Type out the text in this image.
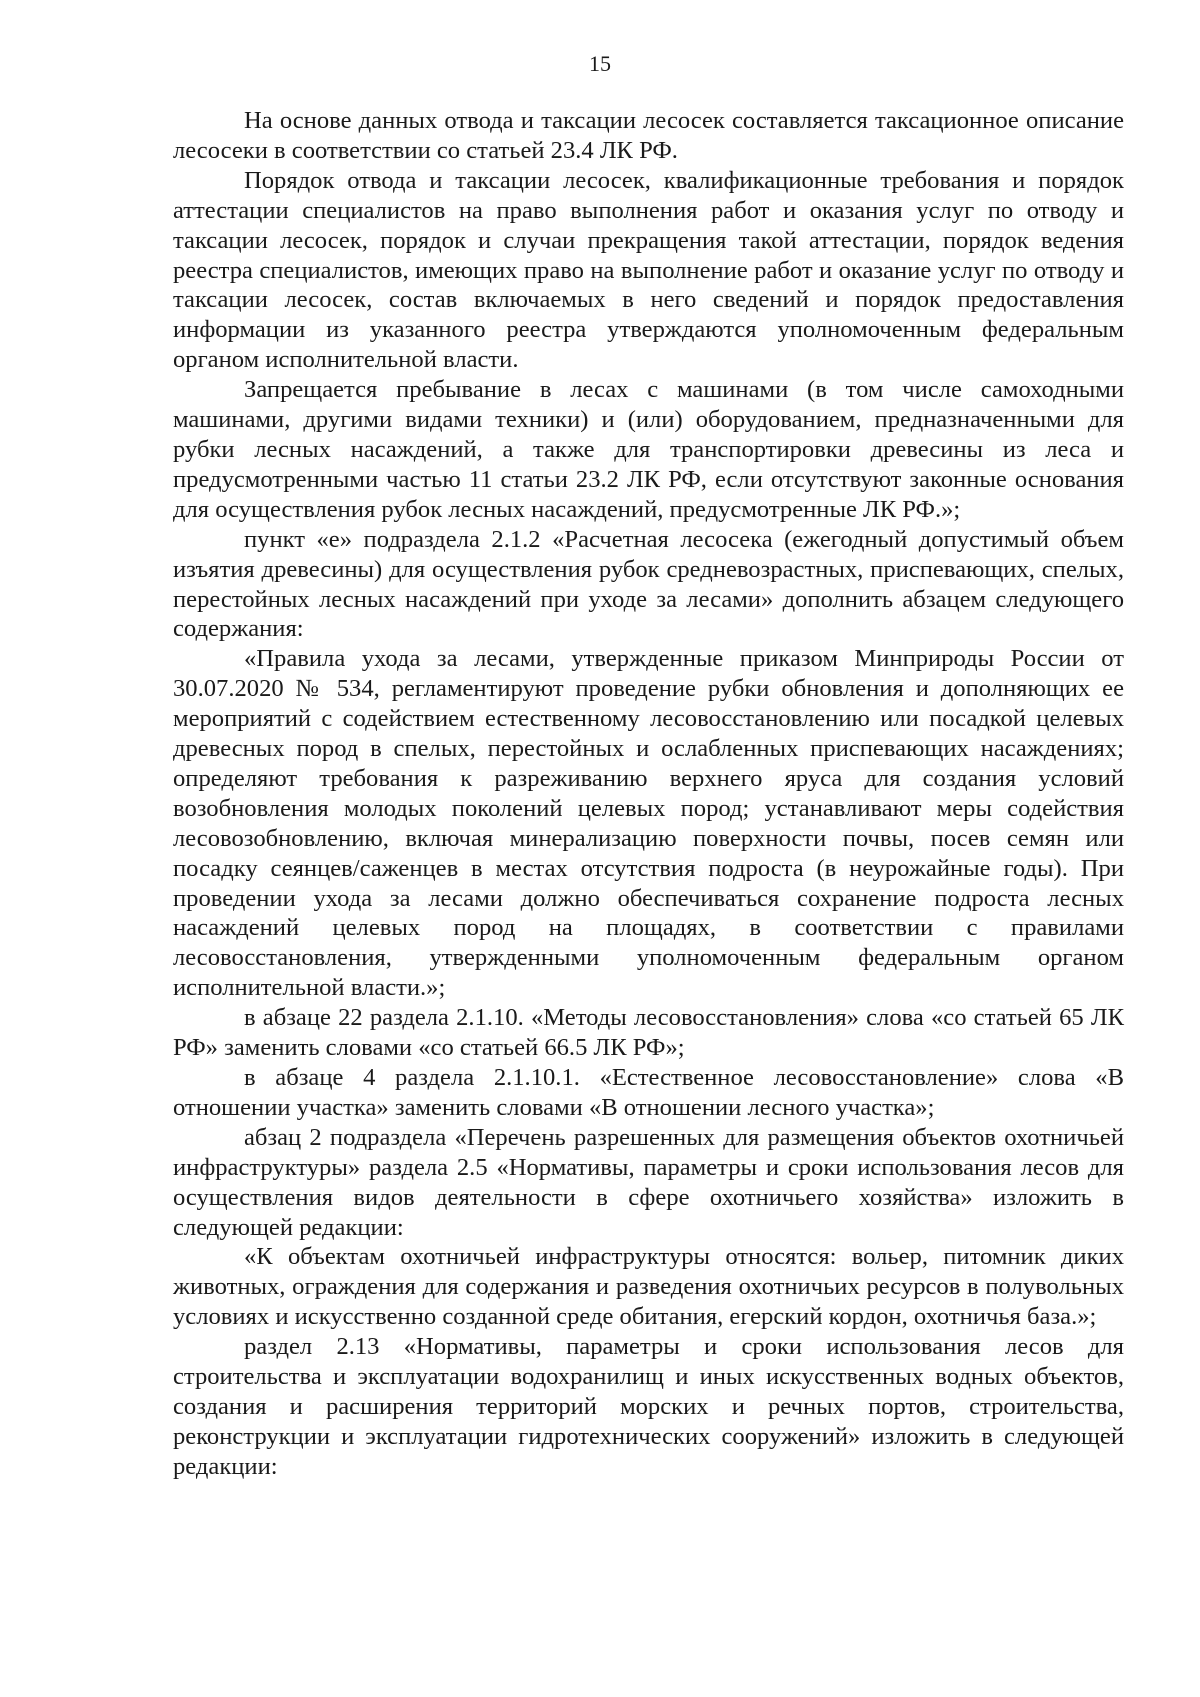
15

На основе данных отвода и таксации лесосек составляется таксационное описание лесосеки в соответствии со статьей 23.4 ЛК РФ.

Порядок отвода и таксации лесосек, квалификационные требования и порядок аттестации специалистов на право выполнения работ и оказания услуг по отводу и таксации лесосек, порядок и случаи прекращения такой аттестации, порядок ведения реестра специалистов, имеющих право на выполнение работ и оказание услуг по отводу и таксации лесосек, состав включаемых в него сведений и порядок предоставления информации из указанного реестра утверждаются уполномоченным федеральным органом исполнительной власти.

Запрещается пребывание в лесах с машинами (в том числе самоходными машинами, другими видами техники) и (или) оборудованием, предназначенными для рубки лесных насаждений, а также для транспортировки древесины из леса и предусмотренными частью 11 статьи 23.2 ЛК РФ, если отсутствуют законные основания для осуществления рубок лесных насаждений, предусмотренные ЛК РФ.»;

пункт «е» подраздела 2.1.2 «Расчетная лесосека (ежегодный допустимый объем изъятия древесины) для осуществления рубок средневозрастных, приспевающих, спелых, перестойных лесных насаждений при уходе за лесами» дополнить абзацем следующего содержания:

«Правила ухода за лесами, утвержденные приказом Минприроды России от 30.07.2020 № 534, регламентируют проведение рубки обновления и дополняющих ее мероприятий с содействием естественному лесовосстановлению или посадкой целевых древесных пород в спелых, перестойных и ослабленных приспевающих насаждениях; определяют требования к разреживанию верхнего яруса для создания условий возобновления молодых поколений целевых пород; устанавливают меры содействия лесовозобновлению, включая минерализацию поверхности почвы, посев семян или посадку сеянцев/саженцев в местах отсутствия подроста (в неурожайные годы). При проведении ухода за лесами должно обеспечиваться сохранение подроста лесных насаждений целевых пород на площадях, в соответствии с правилами лесовосстановления, утвержденными уполномоченным федеральным органом исполнительной власти.»;

в абзаце 22 раздела 2.1.10. «Методы лесовосстановления» слова «со статьей 65 ЛК РФ» заменить словами «со статьей 66.5 ЛК РФ»;

в абзаце 4 раздела 2.1.10.1. «Естественное лесовосстановление» слова «В отношении участка» заменить словами «В отношении лесного участка»;

абзац 2 подраздела «Перечень разрешенных для размещения объектов охотничьей инфраструктуры» раздела 2.5 «Нормативы, параметры и сроки использования лесов для осуществления видов деятельности в сфере охотничьего хозяйства» изложить в следующей редакции:

«К объектам охотничьей инфраструктуры относятся: вольер, питомник диких животных, ограждения для содержания и разведения охотничьих ресурсов в полувольных условиях и искусственно созданной среде обитания, егерский кордон, охотничья база.»;

раздел 2.13 «Нормативы, параметры и сроки использования лесов для строительства и эксплуатации водохранилищ и иных искусственных водных объектов, создания и расширения территорий морских и речных портов, строительства, реконструкции и эксплуатации гидротехнических сооружений» изложить в следующей редакции:
